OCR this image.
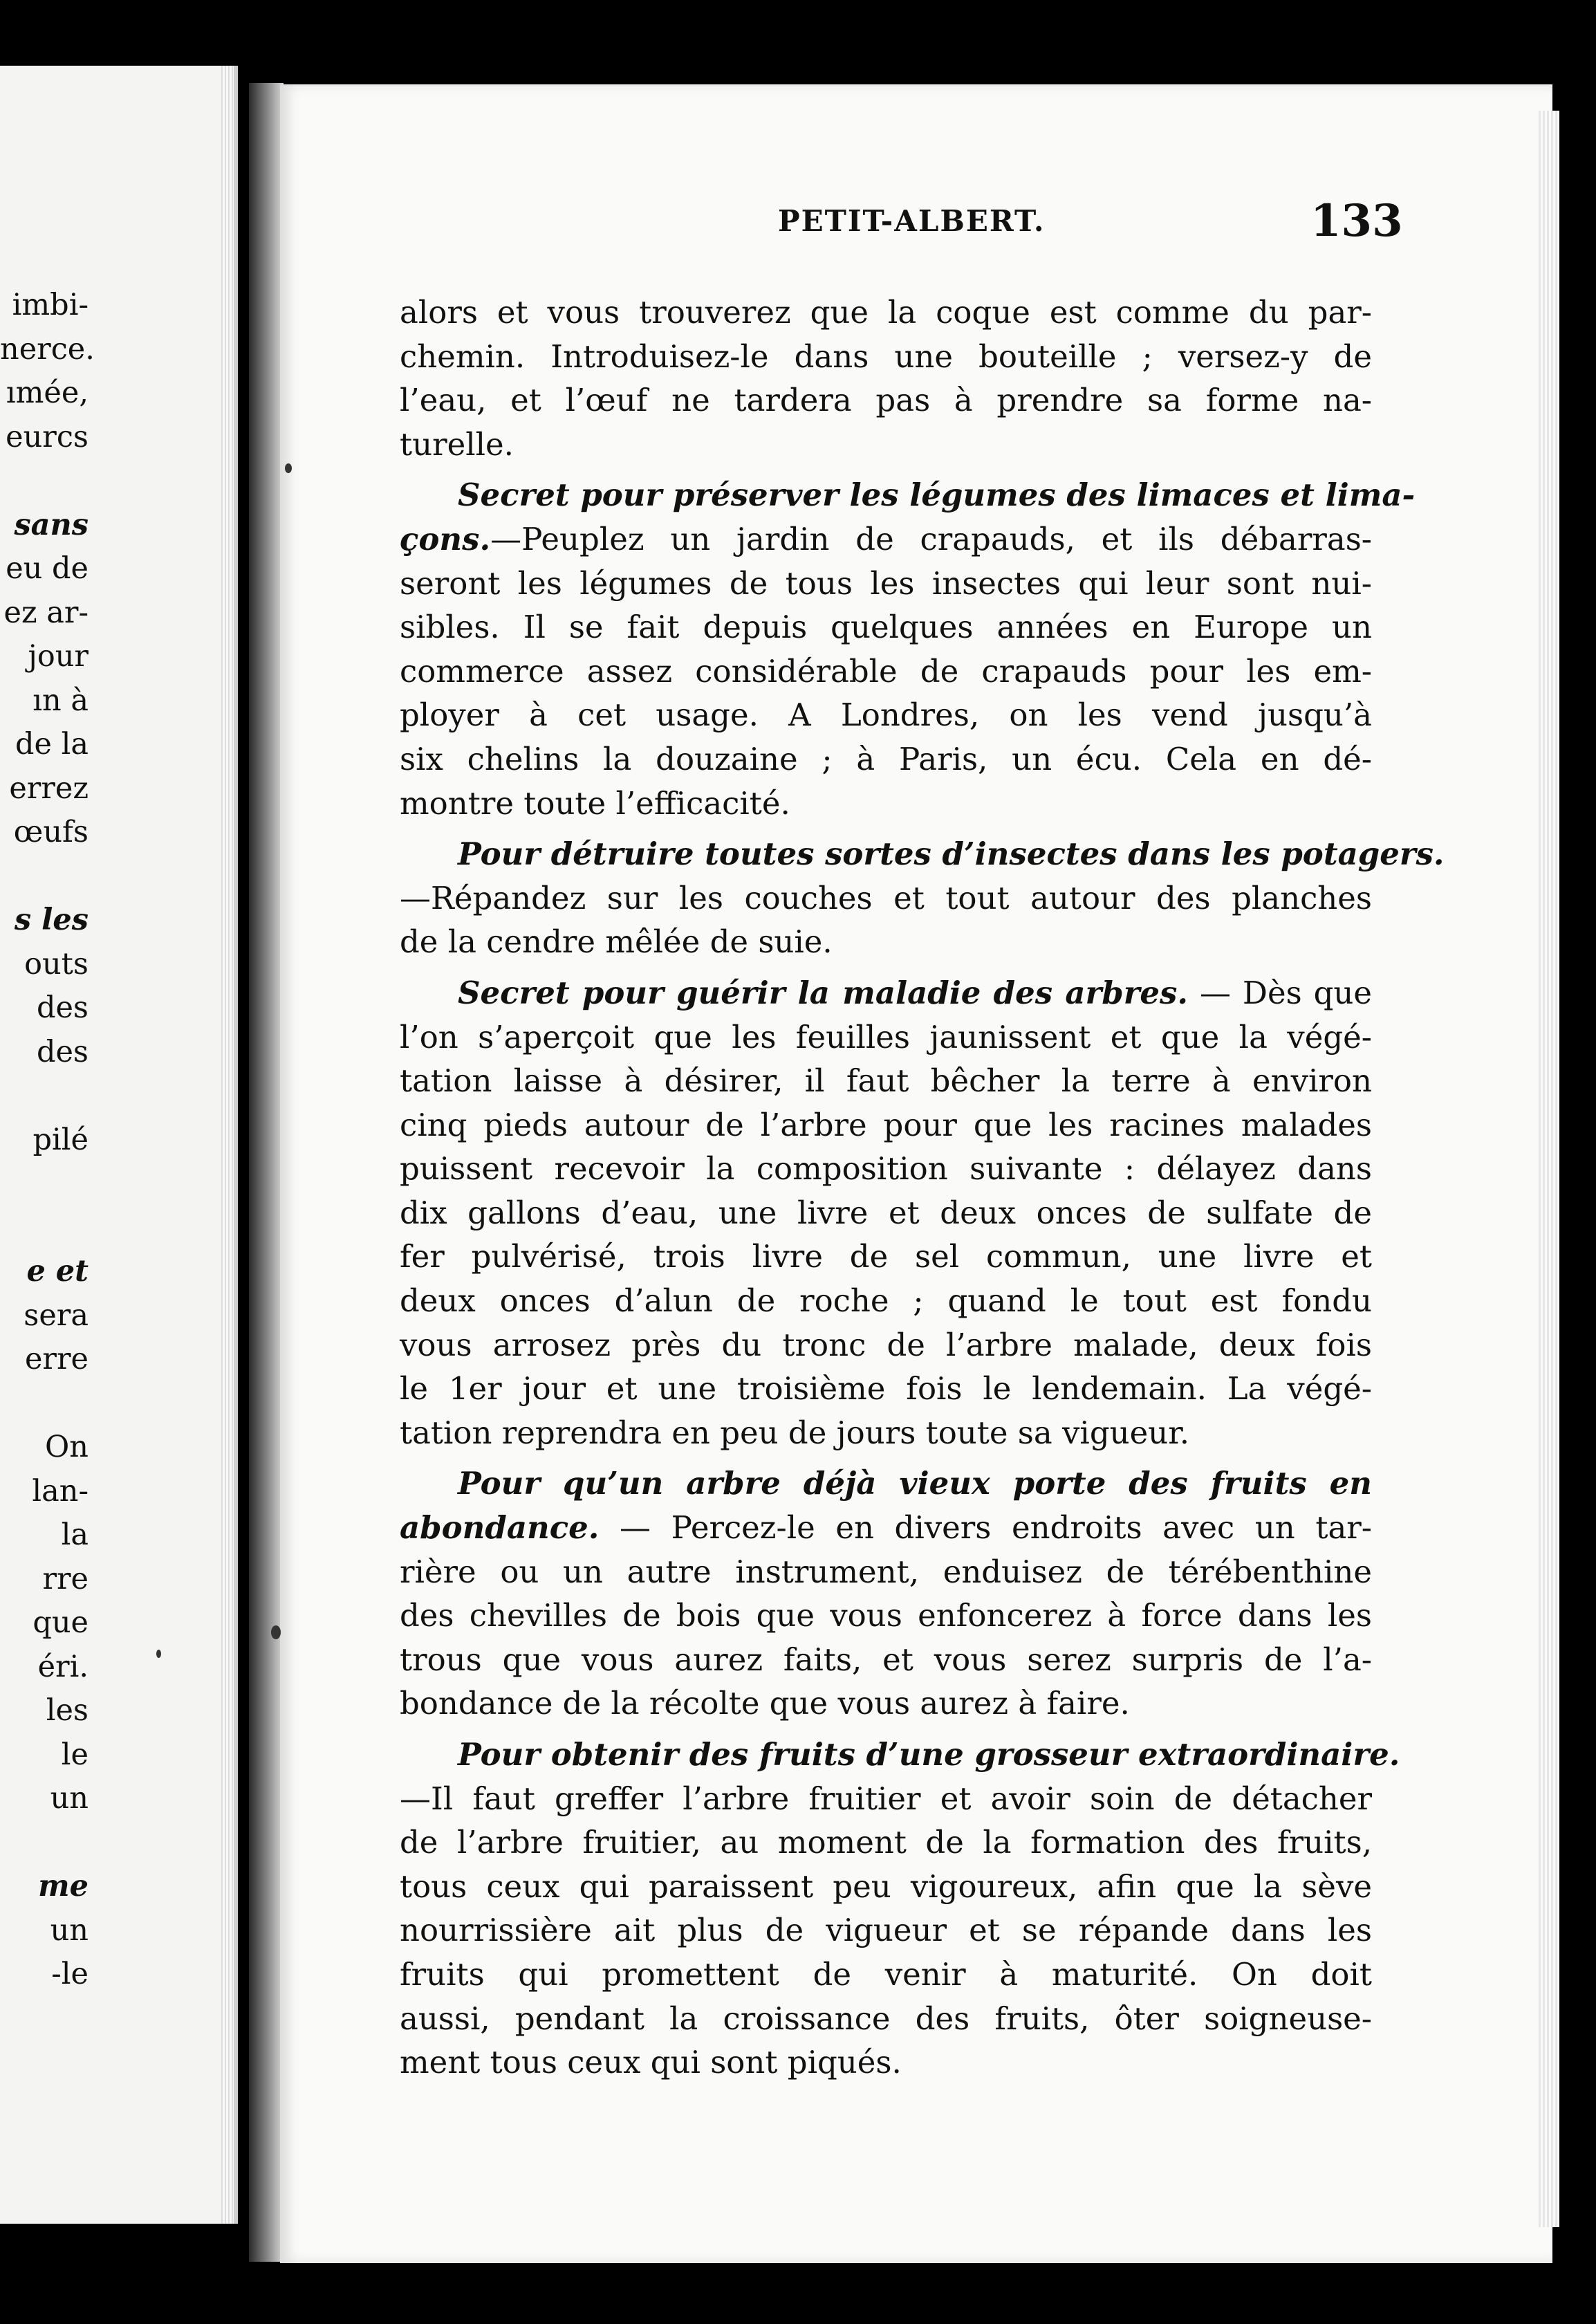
imbi-
nerce.
ımée,
eurcs
sans
eu de
ez ar-
jour
ın à
de la
errez
œufs
s les
outs
des
des
pilé
e et
sera
erre
On
lan-
la
rre
que
éri.
les
le
un
me
un
-le
PETIT-ALBERT.	133
alors et vous trouverez que la coque est comme du par-
chemin. Introduisez-le dans une bouteille ; versez-y de
l’eau, et l’œuf ne tardera pas à prendre sa forme na-
turelle.
Secret pour préserver les légumes des limaces et lima-
çons.—Peuplez un jardin de crapauds, et ils débarras-
seront les légumes de tous les insectes qui leur sont nui-
sibles. Il se fait depuis quelques années en Europe un
commerce assez considérable de crapauds pour les em-
ployer à cet usage. A Londres, on les vend jusqu’à
six chelins la douzaine ; à Paris, un écu. Cela en dé-
montre toute l’efficacité.
Pour détruire toutes sortes d’insectes dans les potagers.
—Répandez sur les couches et tout autour des planches
de la cendre mêlée de suie.
Secret pour guérir la maladie des arbres. — Dès que
l’on s’aperçoit que les feuilles jaunissent et que la végé-
tation laisse à désirer, il faut bêcher la terre à environ
cinq pieds autour de l’arbre pour que les racines malades
puissent recevoir la composition suivante : délayez dans
dix gallons d’eau, une livre et deux onces de sulfate de
fer pulvérisé, trois livre de sel commun, une livre et
deux onces d’alun de roche ; quand le tout est fondu
vous arrosez près du tronc de l’arbre malade, deux fois
le 1er jour et une troisième fois le lendemain. La végé-
tation reprendra en peu de jours toute sa vigueur.
Pour qu’un arbre déjà vieux porte des fruits en
abondance. — Percez-le en divers endroits avec un tar-
rière ou un autre instrument, enduisez de térébenthine
des chevilles de bois que vous enfoncerez à force dans les
trous que vous aurez faits, et vous serez surpris de l’a-
bondance de la récolte que vous aurez à faire.
Pour obtenir des fruits d’une grosseur extraordinaire.
—Il faut greffer l’arbre fruitier et avoir soin de détacher
de l’arbre fruitier, au moment de la formation des fruits,
tous ceux qui paraissent peu vigoureux, afin que la sève
nourrissière ait plus de vigueur et se répande dans les
fruits qui promettent de venir à maturité. On doit
aussi, pendant la croissance des fruits, ôter soigneuse-
ment tous ceux qui sont piqués.
